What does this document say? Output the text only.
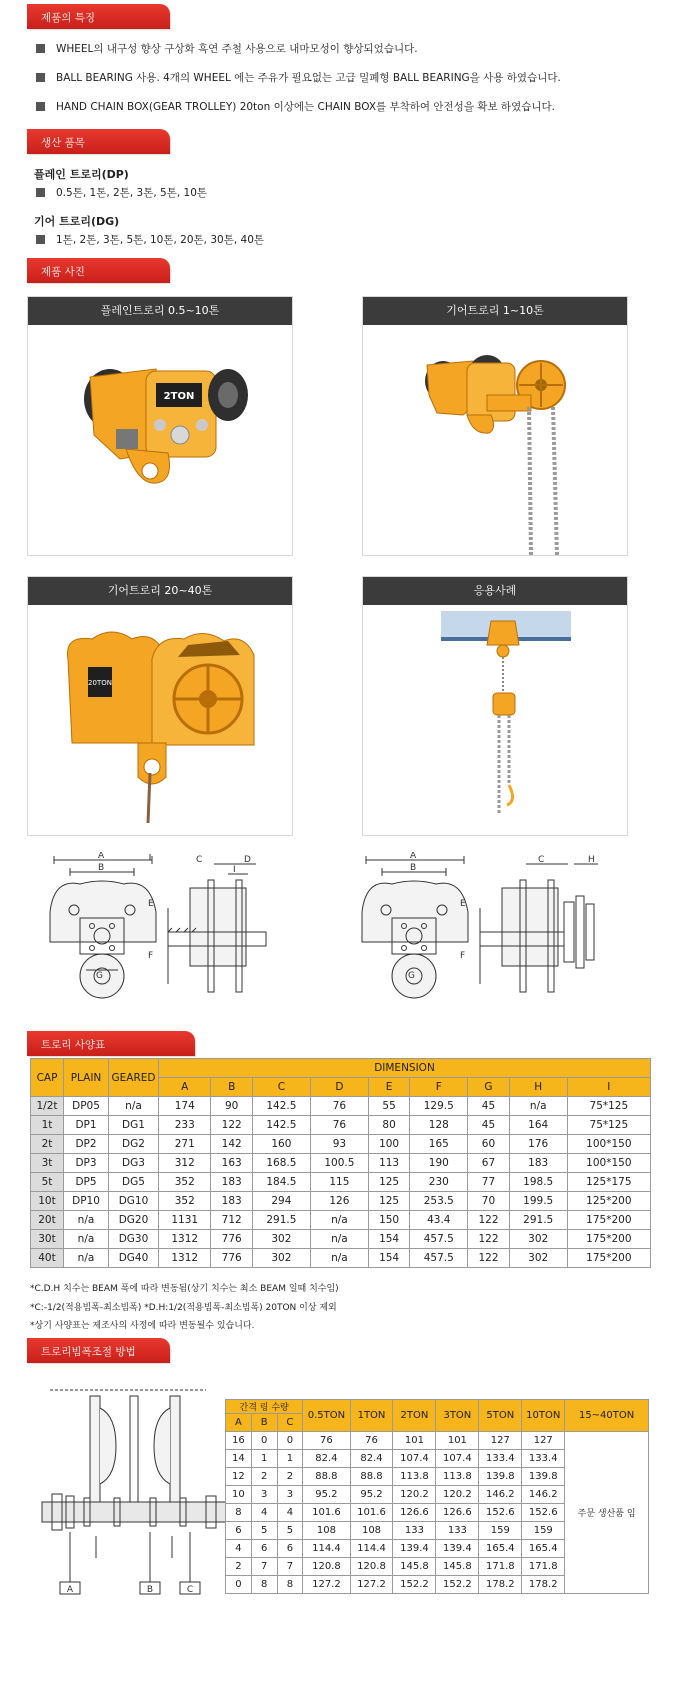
제품의 특징
WHEEL의 내구성 향상 구상화 흑연 주철 사용으로 내마모성이 향상되었습니다.
BALL BEARING 사용. 4개의 WHEEL 에는 주유가 필요없는 고급 밀폐형 BALL BEARING을 사용 하였습니다.
HAND CHAIN BOX(GEAR TROLLEY) 20ton 이상에는 CHAIN BOX를 부착하여 안전성을 확보 하였습니다.
생산 품목
플레인 트로리(DP)
0.5톤, 1톤, 2톤, 3톤, 5톤, 10톤
기어 트로리(DG)
1톤, 2톤, 3톤, 5톤, 10톤, 20톤, 30톤, 40톤
제품 사진
플레인트로리 0.5~10톤
2TON
기어트로리 1~10톤
기어트로리 20~40톤
20TON
응용사례
A
B
G
C	D
I
E
F
A
B
G
C	H
E
F
트로리 사양표
CAP	PLAIN	GEARED	DIMENSION								
			A	B	C	D	E	F	G	H	I
1/2t	DP05	n/a	174	90	142.5	76	55	129.5	45	n/a	75*125
1t	DP1	DG1	233	122	142.5	76	80	128	45	164	75*125
2t	DP2	DG2	271	142	160	93	100	165	60	176	100*150
3t	DP3	DG3	312	163	168.5	100.5	113	190	67	183	100*150
5t	DP5	DG5	352	183	184.5	115	125	230	77	198.5	125*175
10t	DP10	DG10	352	183	294	126	125	253.5	70	199.5	125*200
20t	n/a	DG20	1131	712	291.5	n/a	150	43.4	122	291.5	175*200
30t	n/a	DG30	1312	776	302	n/a	154	457.5	122	302	175*200
40t	n/a	DG40	1312	776	302	n/a	154	457.5	122	302	175*200
*C.D.H 치수는 BEAM 폭에 따라 변동됨(상기 치수는 최소 BEAM 일때 치수임)
*C:-1/2(적용빔폭-최소빔폭) *D.H:1/2(적용빔폭-최소빔폭) 20TON 이상 제외
*상기 사양표는 제조사의 사정에 따라 변동될수 있습니다.
트로리빔폭조절 방법
A	B	C
간격 링 수량			0.5TON	1TON	2TON	3TON	5TON	10TON	15~40TON
A	B	C							
16	0	0	76	76	101	101	127	127	주문 생산품 임
14	1	1	82.4	82.4	107.4	107.4	133.4	133.4	
12	2	2	88.8	88.8	113.8	113.8	139.8	139.8	
10	3	3	95.2	95.2	120.2	120.2	146.2	146.2	
8	4	4	101.6	101.6	126.6	126.6	152.6	152.6	
6	5	5	108	108	133	133	159	159	
4	6	6	114.4	114.4	139.4	139.4	165.4	165.4	
2	7	7	120.8	120.8	145.8	145.8	171.8	171.8	
0	8	8	127.2	127.2	152.2	152.2	178.2	178.2	
